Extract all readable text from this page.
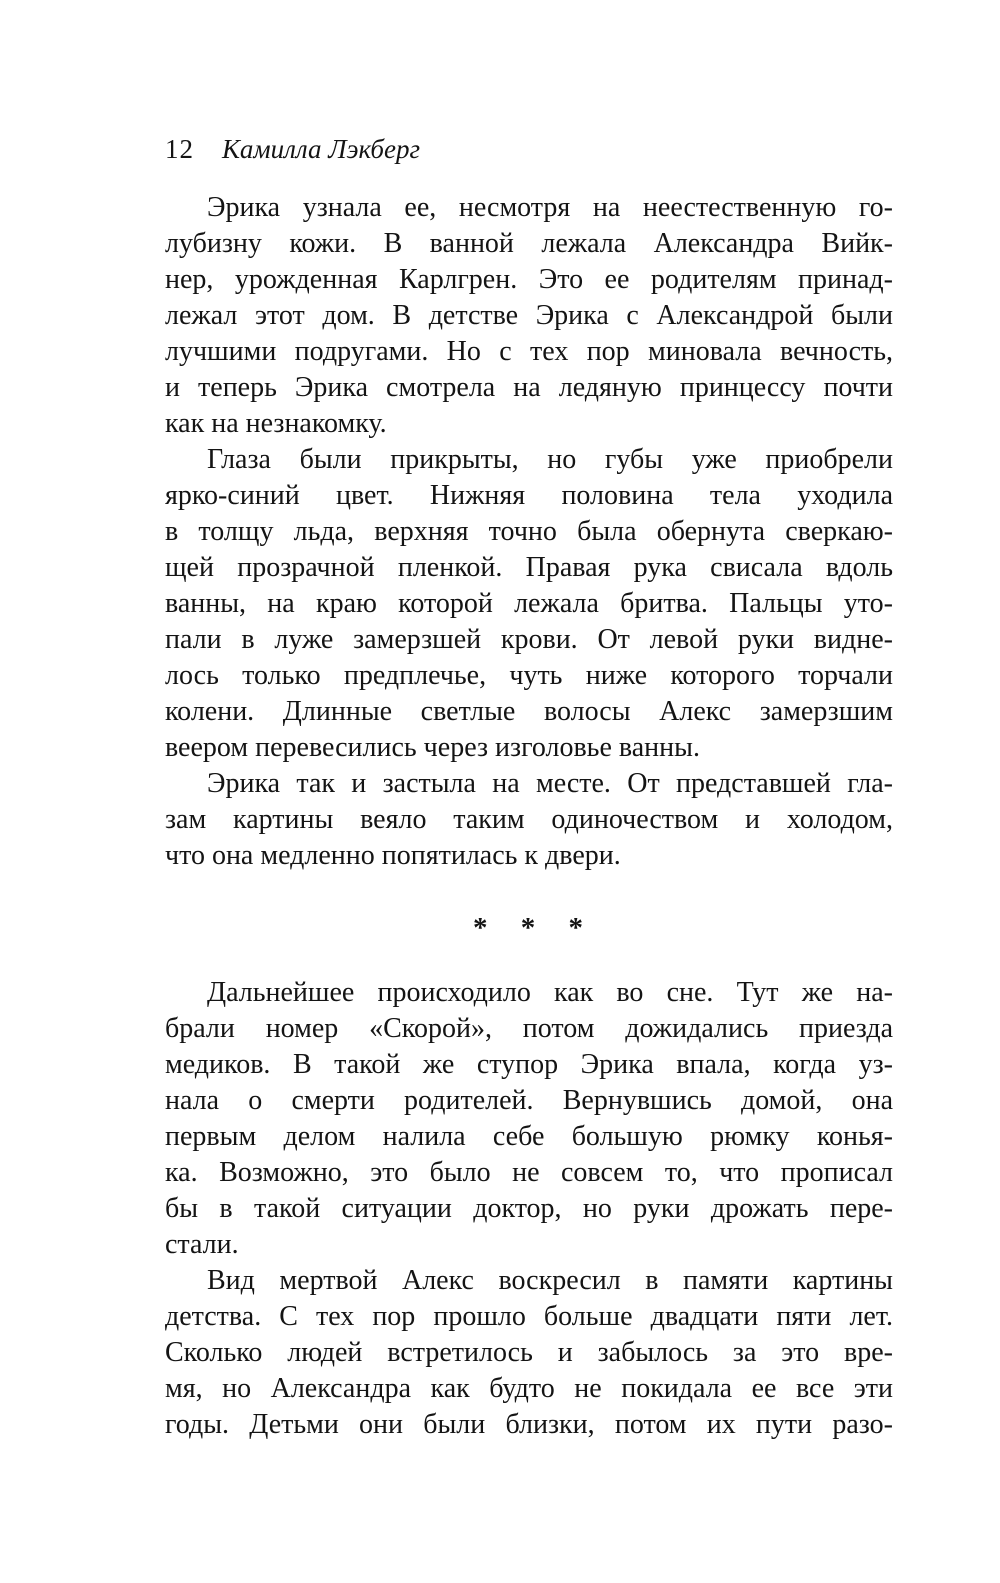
12 Камилла Лэкберг
Эрика узнала ее, несмотря на неестественную го-
лубизну кожи. В ванной лежала Александра Вийк-
нер, урожденная Карлгрен. Это ее родителям принад-
лежал этот дом. В детстве Эрика с Александрой были
лучшими подругами. Но с тех пор миновала вечность,
и теперь Эрика смотрела на ледяную принцессу почти
как на незнакомку.
Глаза были прикрыты, но губы уже приобрели
ярко-синий цвет. Нижняя половина тела уходила
в толщу льда, верхняя точно была обернута сверкаю-
щей прозрачной пленкой. Правая рука свисала вдоль
ванны, на краю которой лежала бритва. Пальцы уто-
пали в луже замерзшей крови. От левой руки видне-
лось только предплечье, чуть ниже которого торчали
колени. Длинные светлые волосы Алекс замерзшим
веером перевесились через изголовье ванны.
Эрика так и застыла на месте. От представшей гла-
зам картины веяло таким одиночеством и холодом,
что она медленно попятилась к двери.
* * *
Дальнейшее происходило как во сне. Тут же на-
брали номер «Скорой», потом дожидались приезда
медиков. В такой же ступор Эрика впала, когда уз-
нала о смерти родителей. Вернувшись домой, она
первым делом налила себе большую рюмку конья-
ка. Возможно, это было не совсем то, что прописал
бы в такой ситуации доктор, но руки дрожать пере-
стали.
Вид мертвой Алекс воскресил в памяти картины
детства. С тех пор прошло больше двадцати пяти лет.
Сколько людей встретилось и забылось за это вре-
мя, но Александра как будто не покидала ее все эти
годы. Детьми они были близки, потом их пути разо-
